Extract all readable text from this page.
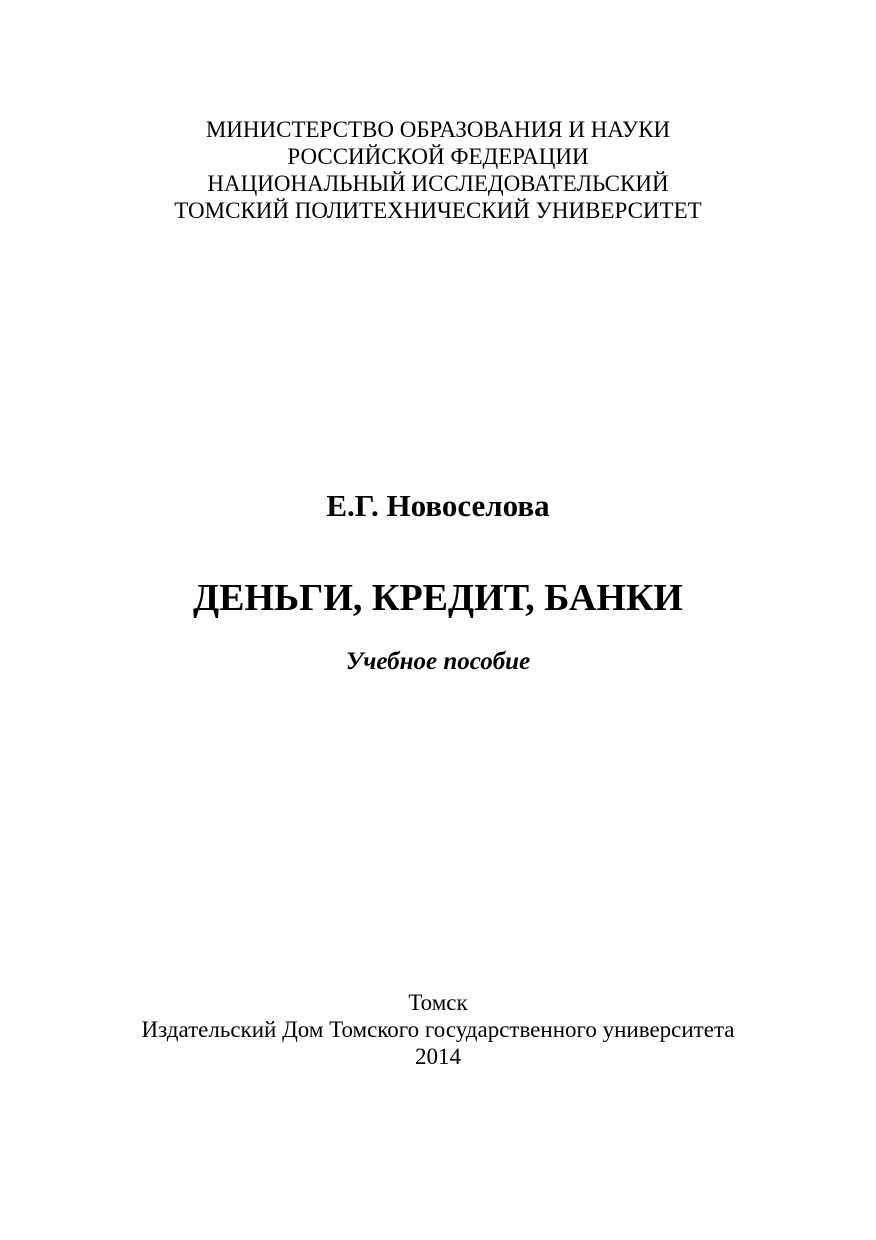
МИНИСТЕРСТВО ОБРАЗОВАНИЯ И НАУКИ
РОССИЙСКОЙ ФЕДЕРАЦИИ
НАЦИОНАЛЬНЫЙ ИССЛЕДОВАТЕЛЬСКИЙ
ТОМСКИЙ ПОЛИТЕХНИЧЕСКИЙ УНИВЕРСИТЕТ
Е.Г. Новоселова
ДЕНЬГИ, КРЕДИТ, БАНКИ
Учебное пособие
Томск
Издательский Дом Томского государственного университета
2014
